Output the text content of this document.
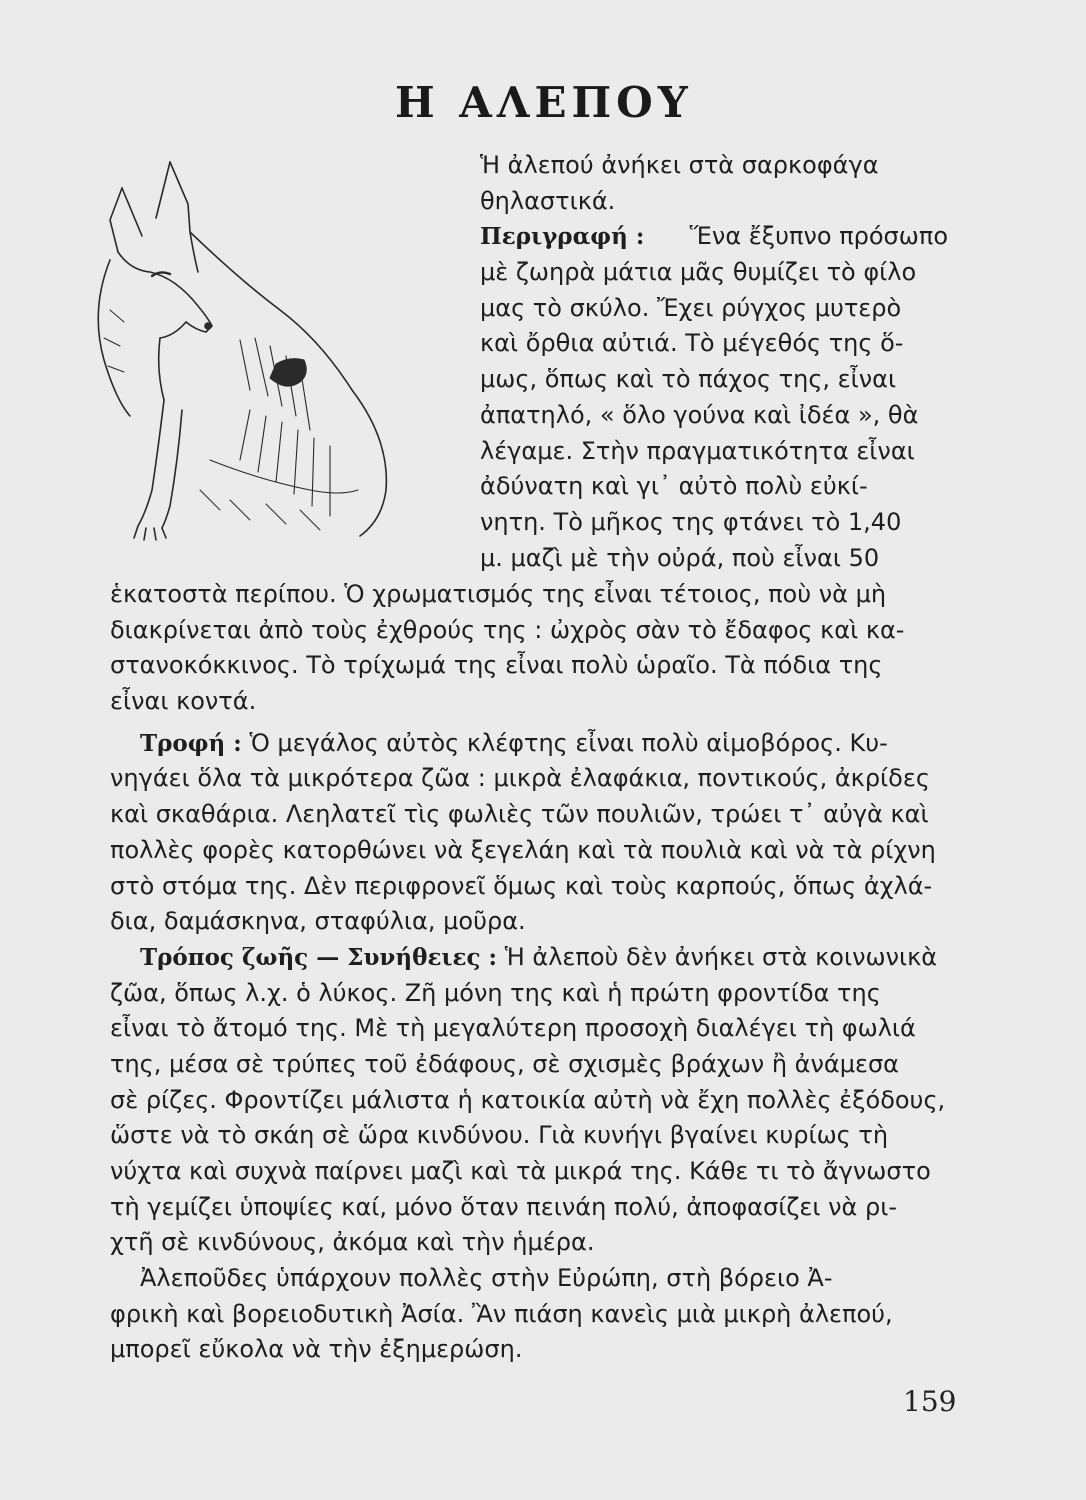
Η ΑΛΕΠΟΥ
Ἡ ἀλεπού ἀνήκει στὰ σαρκοφάγα
θηλαστικά.
Περιγραφή : Ἕνα ἔξυπνο πρόσωπο
μὲ ζωηρὰ μάτια μᾶς θυμίζει τὸ φίλο
μας τὸ σκύλο. Ἔχει ρύγχος μυτερὸ
καὶ ὄρθια αὐτιά. Τὸ μέγεθός της ὅ-
μως, ὅπως καὶ τὸ πάχος της, εἶναι
ἀπατηλό, « ὅλο γούνα καὶ ἰδέα », θὰ
λέγαμε. Στὴν πραγματικότητα εἶναι
ἀδύνατη καὶ γι᾽ αὐτὸ πολὺ εὐκί-
νητη. Τὸ μῆκος της φτάνει τὸ 1,40
μ. μαζὶ μὲ τὴν οὐρά, ποὺ εἶναι 50
ἑκατοστὰ περίπου. Ὁ χρωματισμός της εἶναι τέτοιος, ποὺ νὰ μὴ
διακρίνεται ἀπὸ τοὺς ἐχθρούς της : ὠχρὸς σὰν τὸ ἔδαφος καὶ κα-
στανοκόκκινος. Τὸ τρίχωμά της εἶναι πολὺ ὡραῖο. Τὰ πόδια της
εἶναι κοντά.
Τροφή : Ὁ μεγάλος αὐτὸς κλέφτης εἶναι πολὺ αἱμοβόρος. Κυ-
νηγάει ὅλα τὰ μικρότερα ζῶα : μικρὰ ἐλαφάκια, ποντικούς, ἀκρίδες
καὶ σκαθάρια. Λεηλατεῖ τὶς φωλιὲς τῶν πουλιῶν, τρώει τ᾽ αὐγὰ καὶ
πολλὲς φορὲς κατορθώνει νὰ ξεγελάη καὶ τὰ πουλιὰ καὶ νὰ τὰ ρίχνη
στὸ στόμα της. Δὲν περιφρονεῖ ὅμως καὶ τοὺς καρπούς, ὅπως ἀχλά-
δια, δαμάσκηνα, σταφύλια, μοῦρα.
Τρόπος ζωῆς — Συνήθειες : Ἡ ἀλεποὺ δὲν ἀνήκει στὰ κοινωνικὰ
ζῶα, ὅπως λ.χ. ὁ λύκος. Ζῆ μόνη της καὶ ἡ πρώτη φροντίδα της
εἶναι τὸ ἄτομό της. Μὲ τὴ μεγαλύτερη προσοχὴ διαλέγει τὴ φωλιά
της, μέσα σὲ τρύπες τοῦ ἐδάφους, σὲ σχισμὲς βράχων ἢ ἀνάμεσα
σὲ ρίζες. Φροντίζει μάλιστα ἡ κατοικία αὐτὴ νὰ ἔχη πολλὲς ἐξόδους,
ὥστε νὰ τὸ σκάη σὲ ὥρα κινδύνου. Γιὰ κυνήγι βγαίνει κυρίως τὴ
νύχτα καὶ συχνὰ παίρνει μαζὶ καὶ τὰ μικρά της. Κάθε τι τὸ ἄγνωστο
τὴ γεμίζει ὑποψίες καί, μόνο ὅταν πεινάη πολύ, ἀποφασίζει νὰ ρι-
χτῆ σὲ κινδύνους, ἀκόμα καὶ τὴν ἡμέρα.
Ἀλεποῦδες ὑπάρχουν πολλὲς στὴν Εὐρώπη, στὴ βόρειο Ἀ-
φρικὴ καὶ βορειοδυτικὴ Ἀσία. Ἂν πιάση κανεὶς μιὰ μικρὴ ἀλεπού,
μπορεῖ εὔκολα νὰ τὴν ἐξημερώση.
159
